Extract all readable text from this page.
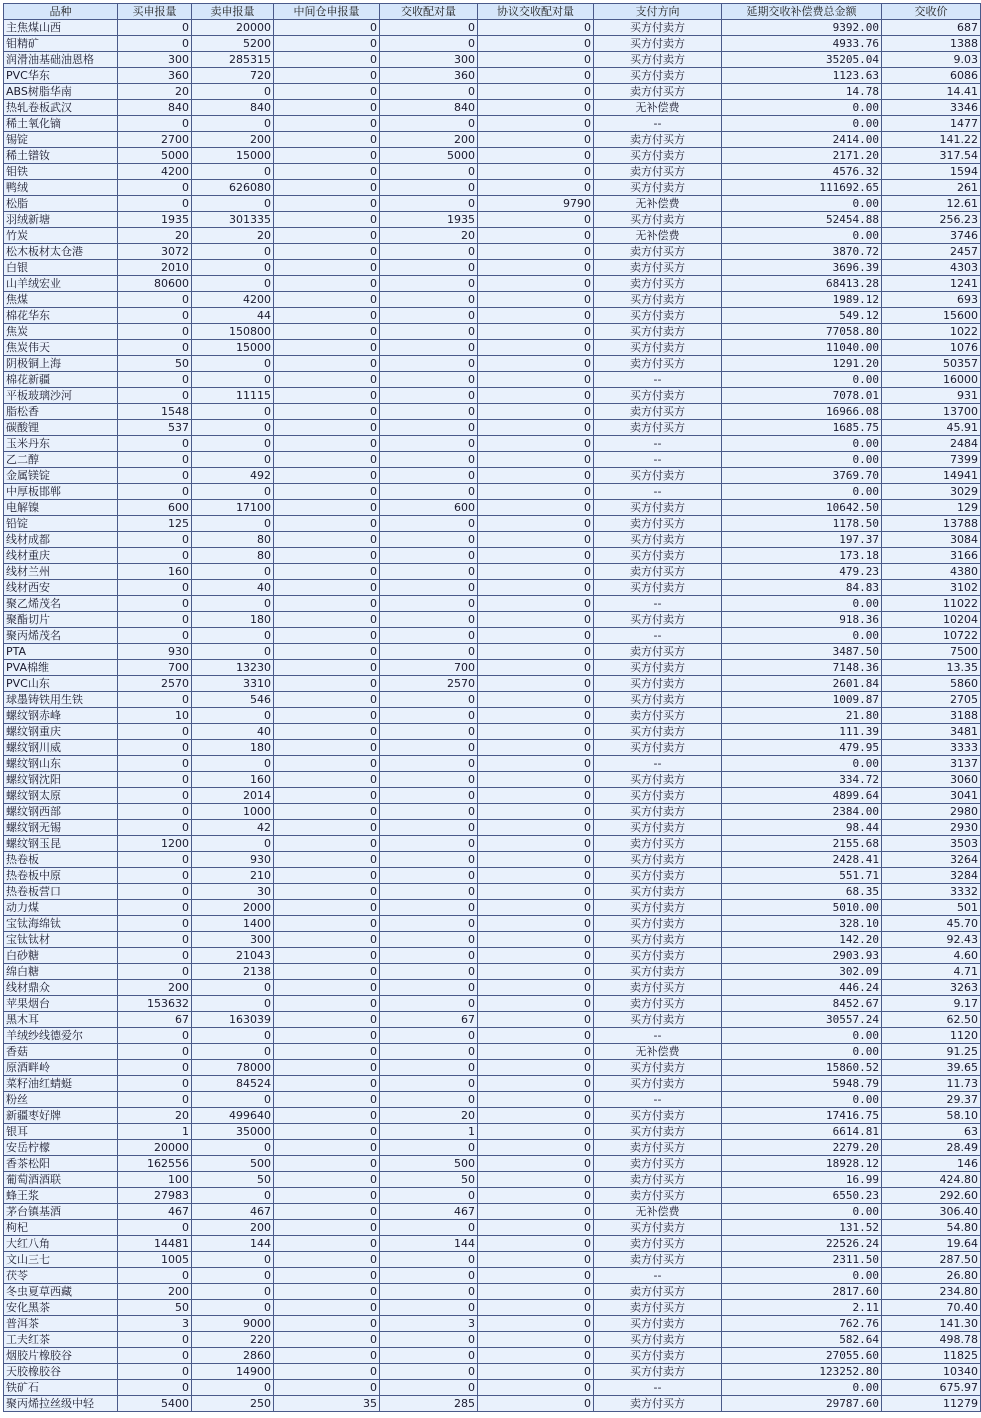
品种	买申报量	卖申报量	中间仓申报量	交收配对量	协议交收配对量	支付方向	延期交收补偿费总金额	交收价
主焦煤山西	0	20000	0	0	0	买方付卖方	9392.00	687
钼精矿	0	5200	0	0	0	买方付卖方	4933.76	1388
润滑油基础油恩格	300	285315	0	300	0	买方付卖方	35205.04	9.03
PVC华东	360	720	0	360	0	买方付卖方	1123.63	6086
ABS树脂华南	20	0	0	0	0	卖方付买方	14.78	14.41
热轧卷板武汉	840	840	0	840	0	无补偿费	0.00	3346
稀土氧化镝	0	0	0	0	0	--	0.00	1477
锡锭	2700	200	0	200	0	卖方付买方	2414.00	141.22
稀土镨钕	5000	15000	0	5000	0	买方付卖方	2171.20	317.54
钼铁	4200	0	0	0	0	卖方付买方	4576.32	1594
鸭绒	0	626080	0	0	0	买方付卖方	111692.65	261
松脂	0	0	0	0	9790	无补偿费	0.00	12.61
羽绒新塘	1935	301335	0	1935	0	买方付卖方	52454.88	256.23
竹炭	20	20	0	20	0	无补偿费	0.00	3746
松木板材太仓港	3072	0	0	0	0	卖方付买方	3870.72	2457
白银	2010	0	0	0	0	卖方付买方	3696.39	4303
山羊绒宏业	80600	0	0	0	0	卖方付买方	68413.28	1241
焦煤	0	4200	0	0	0	买方付卖方	1989.12	693
棉花华东	0	44	0	0	0	买方付卖方	549.12	15600
焦炭	0	150800	0	0	0	买方付卖方	77058.80	1022
焦炭伟天	0	15000	0	0	0	买方付卖方	11040.00	1076
阴极铜上海	50	0	0	0	0	卖方付买方	1291.20	50357
棉花新疆	0	0	0	0	0	--	0.00	16000
平板玻璃沙河	0	11115	0	0	0	买方付卖方	7078.01	931
脂松香	1548	0	0	0	0	卖方付买方	16966.08	13700
碳酸锂	537	0	0	0	0	卖方付买方	1685.75	45.91
玉米丹东	0	0	0	0	0	--	0.00	2484
乙二醇	0	0	0	0	0	--	0.00	7399
金属镁锭	0	492	0	0	0	买方付卖方	3769.70	14941
中厚板邯郸	0	0	0	0	0	--	0.00	3029
电解镍	600	17100	0	600	0	买方付卖方	10642.50	129
铅锭	125	0	0	0	0	卖方付买方	1178.50	13788
线材成都	0	80	0	0	0	买方付卖方	197.37	3084
线材重庆	0	80	0	0	0	买方付卖方	173.18	3166
线材兰州	160	0	0	0	0	卖方付买方	479.23	4380
线材西安	0	40	0	0	0	买方付卖方	84.83	3102
聚乙烯茂名	0	0	0	0	0	--	0.00	11022
聚酯切片	0	180	0	0	0	买方付卖方	918.36	10204
聚丙烯茂名	0	0	0	0	0	--	0.00	10722
PTA	930	0	0	0	0	卖方付买方	3487.50	7500
PVA棉维	700	13230	0	700	0	买方付卖方	7148.36	13.35
PVC山东	2570	3310	0	2570	0	买方付卖方	2601.84	5860
球墨铸铁用生铁	0	546	0	0	0	买方付卖方	1009.87	2705
螺纹钢赤峰	10	0	0	0	0	卖方付买方	21.80	3188
螺纹钢重庆	0	40	0	0	0	买方付卖方	111.39	3481
螺纹钢川威	0	180	0	0	0	买方付卖方	479.95	3333
螺纹钢山东	0	0	0	0	0	--	0.00	3137
螺纹钢沈阳	0	160	0	0	0	买方付卖方	334.72	3060
螺纹钢太原	0	2014	0	0	0	买方付卖方	4899.64	3041
螺纹钢西部	0	1000	0	0	0	买方付卖方	2384.00	2980
螺纹钢无锡	0	42	0	0	0	买方付卖方	98.44	2930
螺纹钢玉昆	1200	0	0	0	0	卖方付买方	2155.68	3503
热卷板	0	930	0	0	0	买方付卖方	2428.41	3264
热卷板中原	0	210	0	0	0	买方付卖方	551.71	3284
热卷板营口	0	30	0	0	0	买方付卖方	68.35	3332
动力煤	0	2000	0	0	0	买方付卖方	5010.00	501
宝钛海绵钛	0	1400	0	0	0	买方付卖方	328.10	45.70
宝钛钛材	0	300	0	0	0	买方付卖方	142.20	92.43
白砂糖	0	21043	0	0	0	买方付卖方	2903.93	4.60
绵白糖	0	2138	0	0	0	买方付卖方	302.09	4.71
线材鼎众	200	0	0	0	0	卖方付买方	446.24	3263
苹果烟台	153632	0	0	0	0	卖方付买方	8452.67	9.17
黑木耳	67	163039	0	67	0	买方付卖方	30557.24	62.50
羊绒纱线德爱尔	0	0	0	0	0	--	0.00	1120
香菇	0	0	0	0	0	无补偿费	0.00	91.25
原酒畔岭	0	78000	0	0	0	买方付卖方	15860.52	39.65
菜籽油红蜻蜓	0	84524	0	0	0	买方付卖方	5948.79	11.73
粉丝	0	0	0	0	0	--	0.00	29.37
新疆枣好牌	20	499640	0	20	0	买方付卖方	17416.75	58.10
银耳	1	35000	0	1	0	买方付卖方	6614.81	63
安岳柠檬	20000	0	0	0	0	卖方付买方	2279.20	28.49
香茶松阳	162556	500	0	500	0	卖方付买方	18928.12	146
葡萄酒酒联	100	50	0	50	0	卖方付买方	16.99	424.80
蜂王浆	27983	0	0	0	0	卖方付买方	6550.23	292.60
茅台镇基酒	467	467	0	467	0	无补偿费	0.00	306.40
枸杞	0	200	0	0	0	买方付卖方	131.52	54.80
大红八角	14481	144	0	144	0	卖方付买方	22526.24	19.64
文山三七	1005	0	0	0	0	卖方付买方	2311.50	287.50
茯苓	0	0	0	0	0	--	0.00	26.80
冬虫夏草西藏	200	0	0	0	0	卖方付买方	2817.60	234.80
安化黑茶	50	0	0	0	0	卖方付买方	2.11	70.40
普洱茶	3	9000	0	3	0	买方付卖方	762.76	141.30
工夫红茶	0	220	0	0	0	买方付卖方	582.64	498.78
烟胶片橡胶谷	0	2860	0	0	0	买方付卖方	27055.60	11825
天胶橡胶谷	0	14900	0	0	0	买方付卖方	123252.80	10340
铁矿石	0	0	0	0	0	--	0.00	675.97
聚丙烯拉丝级中轻	5400	250	35	285	0	卖方付买方	29787.60	11279
